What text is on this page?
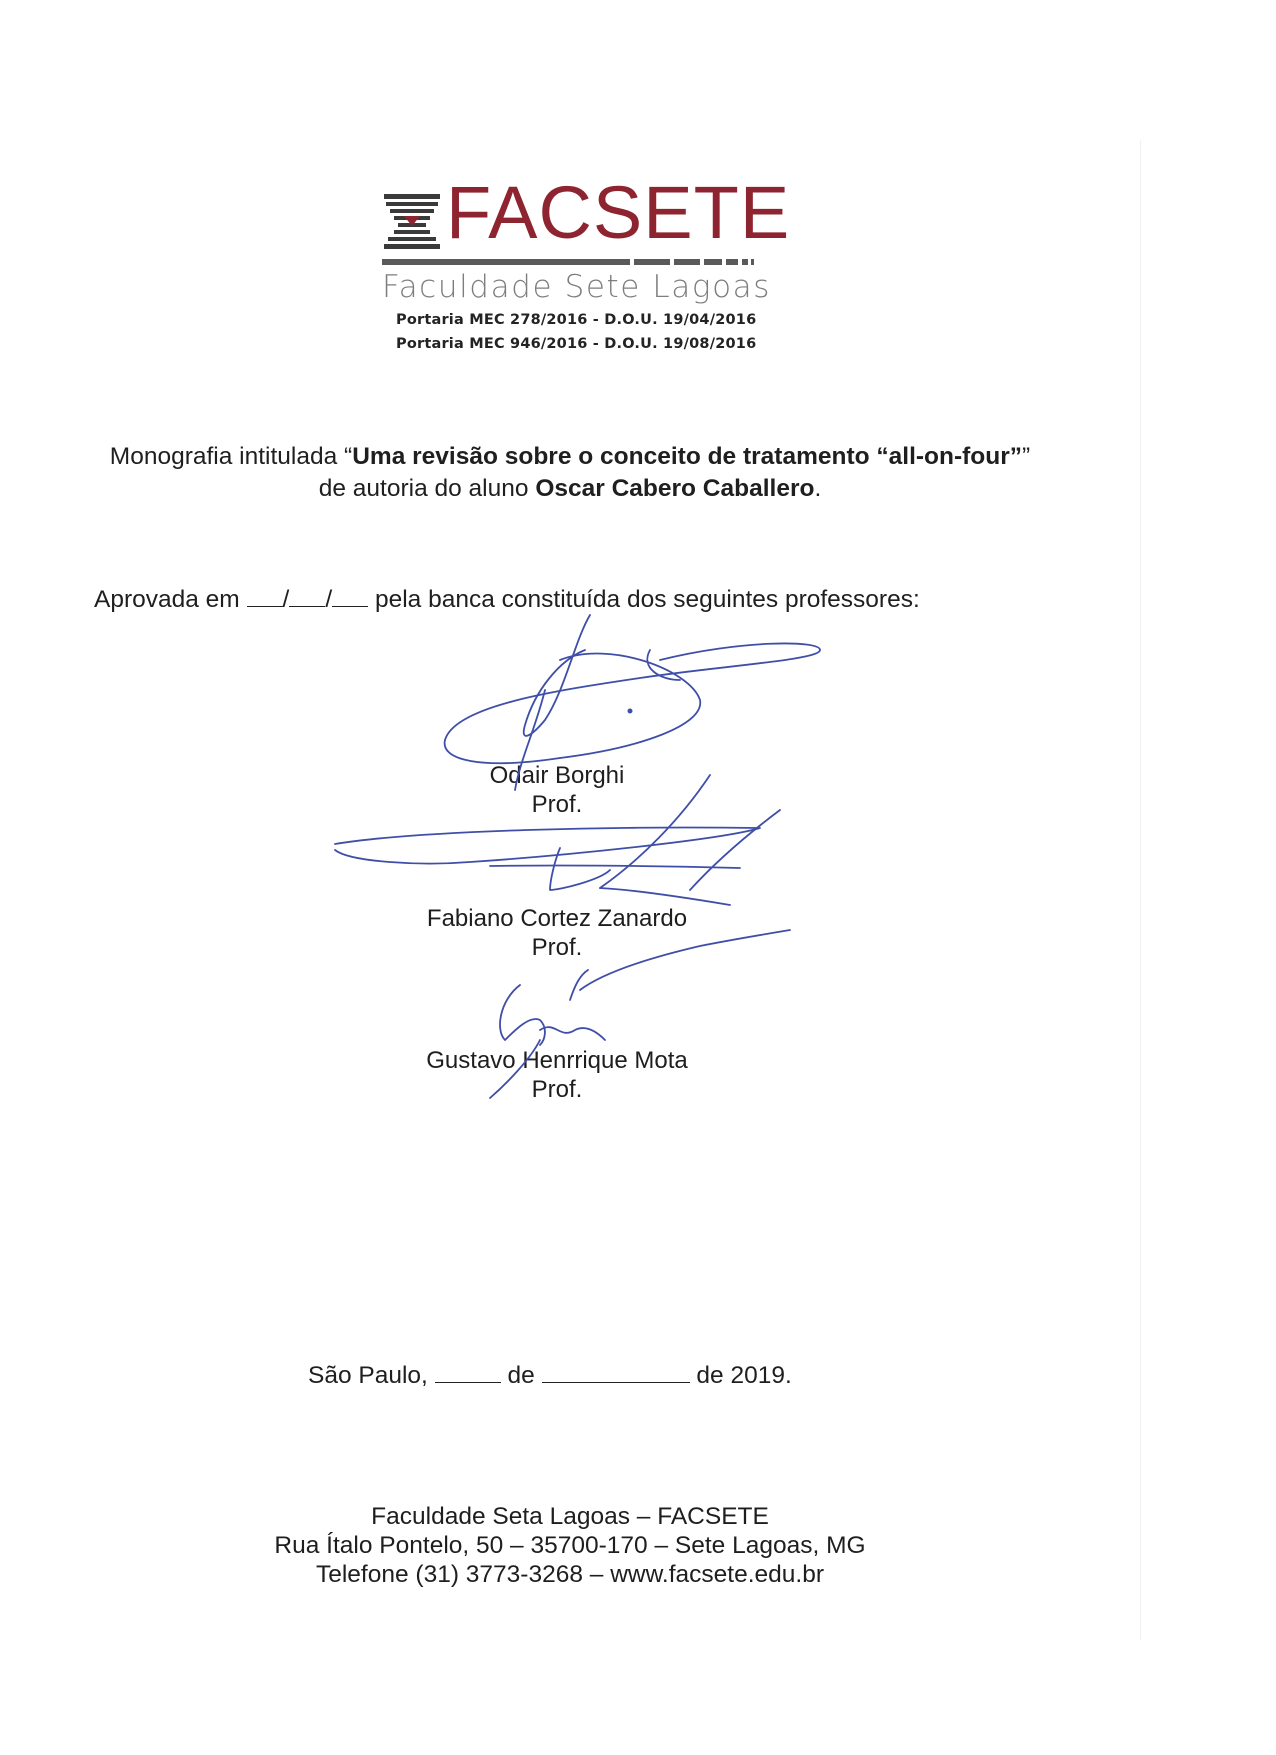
FACSETE
Faculdade Sete Lagoas
Portaria MEC 278/2016 - D.O.U. 19/04/2016
Portaria MEC 946/2016 - D.O.U. 19/08/2016
Monografia intitulada “Uma revisão sobre o conceito de tratamento “all-on-four””
de autoria do aluno Oscar Cabero Caballero.
Aprovada em / / pela banca constituída dos seguintes professores:
Odair Borghi
Prof.
Fabiano Cortez Zanardo
Prof.
Gustavo Henrrique Mota
Prof.
São Paulo,	de	de 2019.
Faculdade Seta Lagoas – FACSETE
Rua Ítalo Pontelo, 50 – 35700-170 – Sete Lagoas, MG
Telefone (31) 3773-3268 – www.facsete.edu.br
